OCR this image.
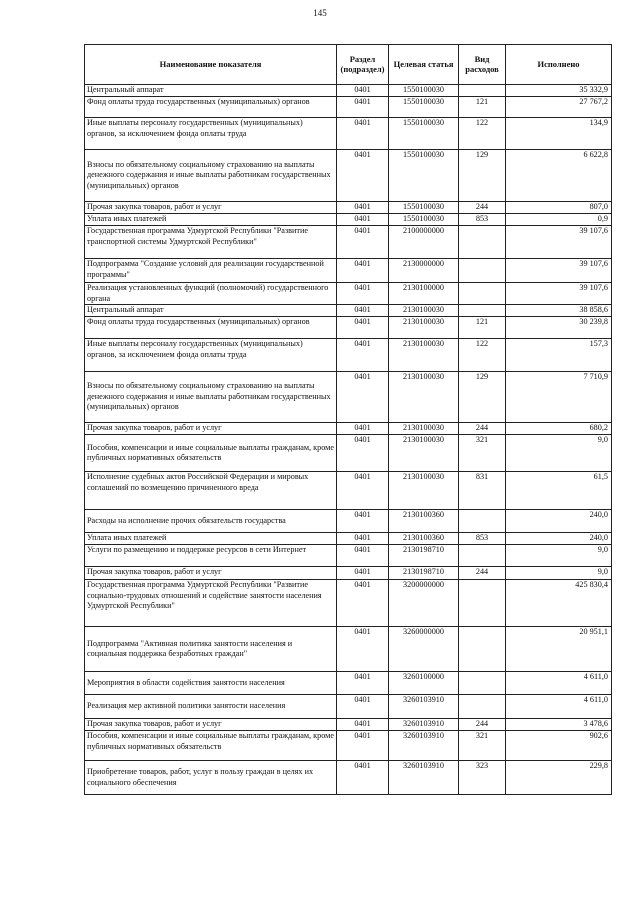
145
Наименование показателя	Раздел (подраздел)	Целевая статья	Вид расходов	Исполнено
Центральный аппарат	0401	1550100030		35 332,9
Фонд оплаты труда государственных (муниципальных) органов	0401	1550100030	121	27 767,2
Иные выплаты персоналу государственных (муниципальных) органов, за исключением фонда оплаты труда	0401	1550100030	122	134,9
Взносы по обязательному социальному страхованию на выплаты денежного содержания и иные выплаты работникам государственных (муниципальных) органов	0401	1550100030	129	6 622,8
Прочая закупка товаров, работ и услуг	0401	1550100030	244	807,0
Уплата иных платежей	0401	1550100030	853	0,9
Государственная программа Удмуртской Республики "Развитие транспортной системы Удмуртской Республики"	0401	2100000000		39 107,6
Подпрограмма "Создание условий для реализации государственной программы"	0401	2130000000		39 107,6
Реализация установленных функций (полномочий) государственного органа	0401	2130100000		39 107,6
Центральный аппарат	0401	2130100030		38 858,6
Фонд оплаты труда государственных (муниципальных) органов	0401	2130100030	121	30 239,8
Иные выплаты персоналу государственных (муниципальных) органов, за исключением фонда оплаты труда	0401	2130100030	122	157,3
Взносы по обязательному социальному страхованию на выплаты денежного содержания и иные выплаты работникам государственных (муниципальных) органов	0401	2130100030	129	7 710,9
Прочая закупка товаров, работ и услуг	0401	2130100030	244	680,2
Пособия, компенсации и иные социальные выплаты гражданам, кроме публичных нормативных обязательств	0401	2130100030	321	9,0
Исполнение судебных актов Российской Федерации и мировых соглашений по возмещению причиненного вреда	0401	2130100030	831	61,5
Расходы на исполнение прочих обязательств государства	0401	2130100360		240,0
Уплата иных платежей	0401	2130100360	853	240,0
Услуги по размещению и поддержке ресурсов в сети Интернет	0401	2130198710		9,0
Прочая закупка товаров, работ и услуг	0401	2130198710	244	9,0
Государственная программа Удмуртской Республики "Развитие социально-трудовых отношений и содействие занятости населения Удмуртской Республики"	0401	3200000000		425 830,4
Подпрограмма "Активная политика занятости населения и социальная поддержка безработных граждан"	0401	3260000000		20 951,1
Мероприятия в области содействия занятости населения	0401	3260100000		4 611,0
Реализация мер активной политики занятости населения	0401	3260103910		4 611,0
Прочая закупка товаров, работ и услуг	0401	3260103910	244	3 478,6
Пособия, компенсации и иные социальные выплаты гражданам, кроме публичных нормативных обязательств	0401	3260103910	321	902,6
Приобретение товаров, работ, услуг в пользу граждан в целях их социального обеспечения	0401	3260103910	323	229,8
